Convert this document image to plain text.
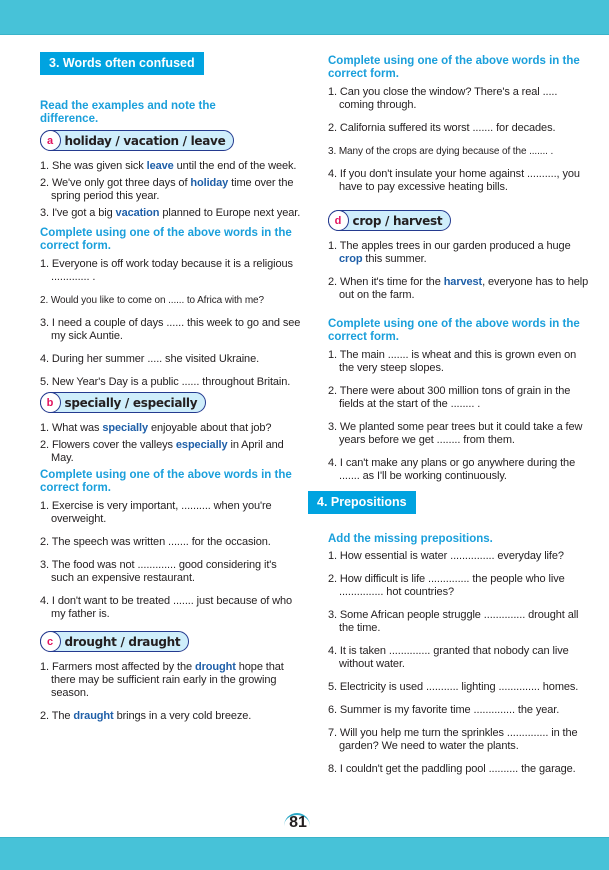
3. Words often confused
Read the examples and note the difference.
a holiday / vacation / leave
1. She was given sick leave until the end of the week.
2. We've only got three days of holiday time over the spring period this year.
3. I've got a big vacation planned to Europe next year.
Complete using one of the above words in the correct form.
1. Everyone is off work today because it is a religious ............. .
2. Would you like to come on ...... to Africa with me?
3. I need a couple of days ...... this week to go and see my sick Auntie.
4. During her summer ..... she visited Ukraine.
5. New Year's Day is a public ...... throughout Britain.
b specially / especially
1. What was specially enjoyable about that job?
2. Flowers cover the valleys especially in April and May.
Complete using one of the above words in the correct form.
1. Exercise is very important, .......... when you're overweight.
2. The speech was written ....... for the occasion.
3. The food was not ............. good considering it's such an expensive restaurant.
4. I don't want to be treated ....... just because of who my father is.
c drought / draught
1. Farmers most affected by the drought hope that there may be sufficient rain early in the growing season.
2. The draught brings in a very cold breeze.
Complete using one of the above words in the correct form.
1. Can you close the window? There's a real ..... coming through.
2. California suffered its worst ....... for decades.
3. Many of the crops are dying because of the ....... .
4. If you don't insulate your home against .........., you have to pay excessive heating bills.
d crop / harvest
1. The apples trees in our garden produced a huge crop this summer.
2. When it's time for the harvest, everyone has to help out on the farm.
Complete using one of the above words in the correct form.
1. The main ....... is wheat and this is grown even on the very steep slopes.
2. There were about 300 million tons of grain in the fields at the start of the ........ .
3. We planted some pear trees but it could take a few years before we get ........ from them.
4. I can't make any plans or go anywhere during the ....... as I'll be working continuously.
4. Prepositions
Add the missing prepositions.
1. How essential is water ............... everyday life?
2. How difficult is life .............. the people who live ............... hot countries?
3. Some African people struggle .............. drought all the time.
4. It is taken .............. granted that nobody can live without water.
5. Electricity is used ........... lighting .............. homes.
6. Summer is my favorite time .............. the year.
7. Will you help me turn the sprinkles .............. in the garden? We need to water the plants.
8. I couldn't get the paddling pool .......... the garage.
81
